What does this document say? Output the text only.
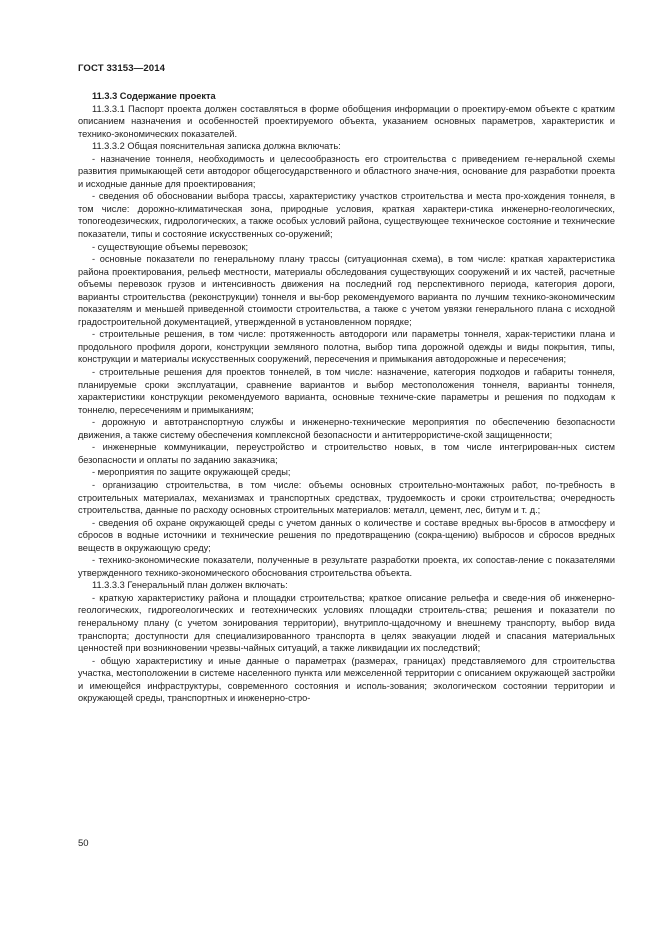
ГОСТ 33153—2014

11.3.3 Содержание проекта

11.3.3.1 Паспорт проекта должен составляться в форме обобщения информации о проектиру-емом объекте с кратким описанием назначения и особенностей проектируемого объекта, указанием основных параметров, характеристик и технико-экономических показателей.

11.3.3.2 Общая пояснительная записка должна включать:

- назначение тоннеля, необходимость и целесообразность его строительства с приведением ге-неральной схемы развития примыкающей сети автодорог общегосударственного и областного значе-ния, основание для разработки проекта и исходные данные для проектирования;

- сведения об обосновании выбора трассы, характеристику участков строительства и места про-хождения тоннеля, в том числе: дорожно-климатическая зона, природные условия, краткая характери-стика инженерно-геологических, топогеодезических, гидрологических, а также особых условий района, существующее техническое состояние и технические показатели, типы и состояние искусственных со-оружений;

- существующие объемы перевозок;

- основные показатели по генеральному плану трассы (ситуационная схема), в том числе: краткая характеристика района проектирования, рельеф местности, материалы обследования существующих сооружений и их частей, расчетные объемы перевозок грузов и интенсивность движения на последний год перспективного периода, категория дороги, варианты строительства (реконструкции) тоннеля и вы-бор рекомендуемого варианта по лучшим технико-экономическим показателям и меньшей приведенной стоимости строительства, а также с учетом увязки генерального плана с исходной градостроительной документацией, утвержденной в установленном порядке;

- строительные решения, в том числе: протяженность автодороги или параметры тоннеля, харак-теристики плана и продольного профиля дороги, конструкции земляного полотна, выбор типа дорожной одежды и виды покрытия, типы, конструкции и материалы искусственных сооружений, пересечения и примыкания автодорожные и пересечения;

- строительные решения для проектов тоннелей, в том числе: назначение, категория подходов и габариты тоннеля, планируемые сроки эксплуатации, сравнение вариантов и выбор местоположения тоннеля, варианты тоннеля, характеристики конструкции рекомендуемого варианта, основные техниче-ские параметры и решения по подходам к тоннелю, пересечениям и примыканиям;

- дорожную и автотранспортную службы и инженерно-технические мероприятия по обеспечению безопасности движения, а также систему обеспечения комплексной безопасности и антитеррористиче-ской защищенности;

- инженерные коммуникации, переустройство и строительство новых, в том числе интегрирован-ных систем безопасности и оплаты по заданию заказчика;

- мероприятия по защите окружающей среды;

- организацию строительства, в том числе: объемы основных строительно-монтажных работ, по-требность в строительных материалах, механизмах и транспортных средствах, трудоемкость и сроки строительства; очередность строительства, данные по расходу основных строительных материалов: металл, цемент, лес, битум и т. д.;

- сведения об охране окружающей среды с учетом данных о количестве и составе вредных вы-бросов в атмосферу и сбросов в водные источники и технические решения по предотвращению (сокра-щению) выбросов и сбросов вредных веществ в окружающую среду;

- технико-экономические показатели, полученные в результате разработки проекта, их сопостав-ление с показателями утвержденного технико-экономического обоснования строительства объекта.

11.3.3.3 Генеральный план должен включать:

- краткую характеристику района и площадки строительства; краткое описание рельефа и сведе-ния об инженерно-геологических, гидрогеологических и геотехнических условиях площадки строитель-ства; решения и показатели по генеральному плану (с учетом зонирования территории), внутрипло-щадочному и внешнему транспорту, выбор вида транспорта; доступности для специализированного транспорта в целях эвакуации людей и спасания материальных ценностей при возникновении чрезвы-чайных ситуаций, а также ликвидации их последствий;

- общую характеристику и иные данные о параметрах (размерах, границах) представляемого для строительства участка, местоположении в системе населенного пункта или межселенной территории с описанием окружающей застройки и имеющейся инфраструктуры, современного состояния и исполь-зования; экологическом состоянии территории и окружающей среды, транспортных и инженерно-стро-

50
